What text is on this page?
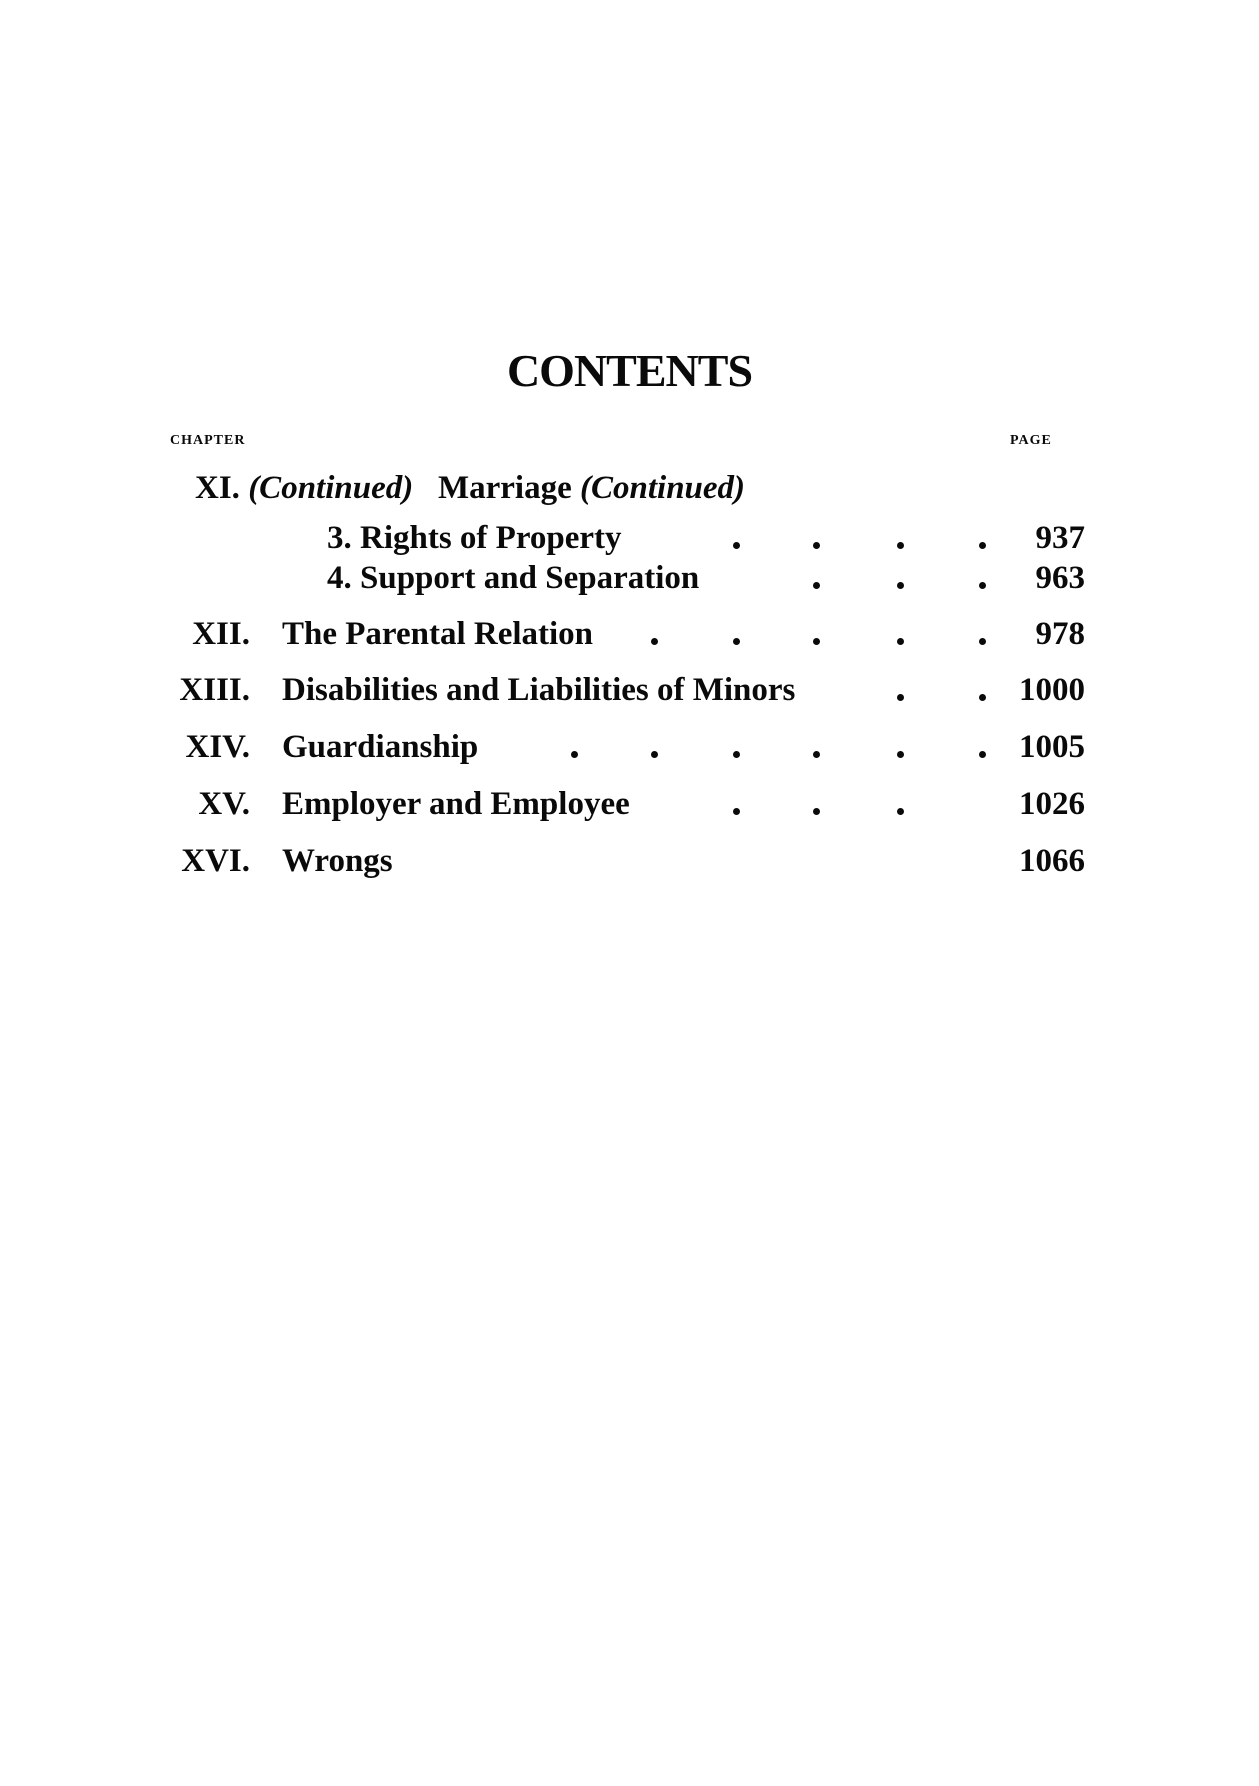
CONTENTS
CHAPTER	PAGE
XI. (Continued) Marriage (Continued)
3. Rights of Property	937
4. Support and Separation	963
XII. The Parental Relation	978
XIII. Disabilities and Liabilities of Minors	1000
XIV. Guardianship	1005
XV. Employer and Employee	1026
XVI. Wrongs	1066
